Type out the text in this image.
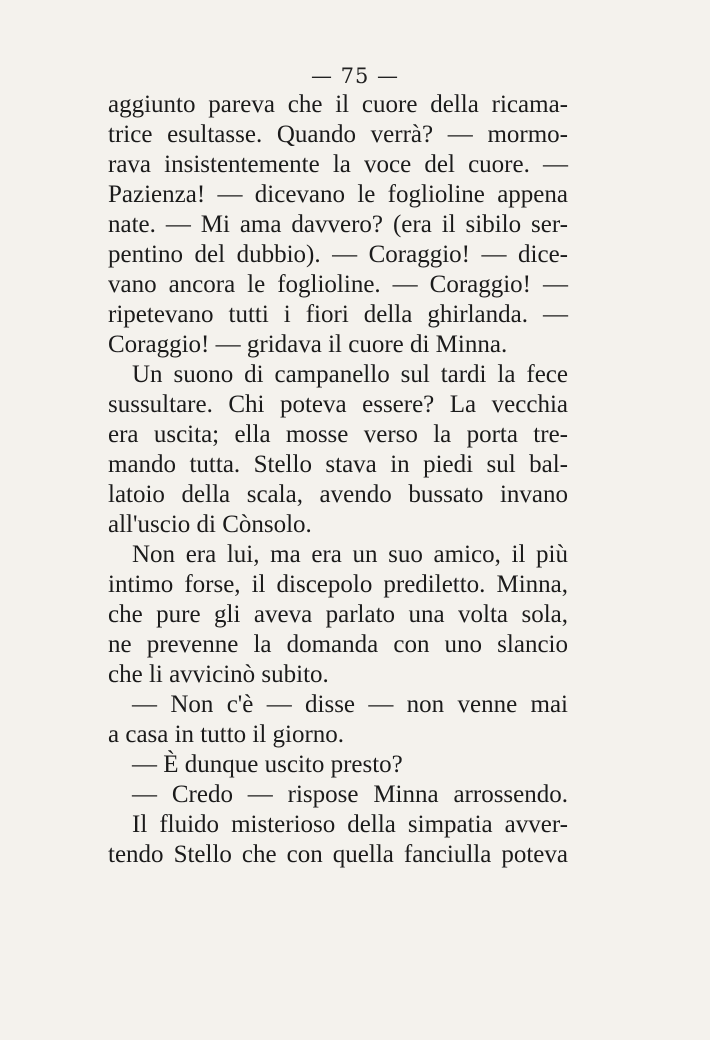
— 75 —
aggiunto pareva che il cuore della ricama-
trice esultasse. Quando verrà? — mormo-
rava insistentemente la voce del cuore. —
Pazienza! — dicevano le foglioline appena
nate. — Mi ama davvero? (era il sibilo ser-
pentino del dubbio). — Coraggio! — dice-
vano ancora le foglioline. — Coraggio! —
ripetevano tutti i fiori della ghirlanda. —
Coraggio! — gridava il cuore di Minna.
Un suono di campanello sul tardi la fece
sussultare. Chi poteva essere? La vecchia
era uscita; ella mosse verso la porta tre-
mando tutta. Stello stava in piedi sul bal-
latoio della scala, avendo bussato invano
all'uscio di Cònsolo.
Non era lui, ma era un suo amico, il più
intimo forse, il discepolo prediletto. Minna,
che pure gli aveva parlato una volta sola,
ne prevenne la domanda con uno slancio
che li avvicinò subito.
— Non c'è — disse — non venne mai
a casa in tutto il giorno.
— È dunque uscito presto?
— Credo — rispose Minna arrossendo.
Il fluido misterioso della simpatia avver-
tendo Stello che con quella fanciulla poteva
